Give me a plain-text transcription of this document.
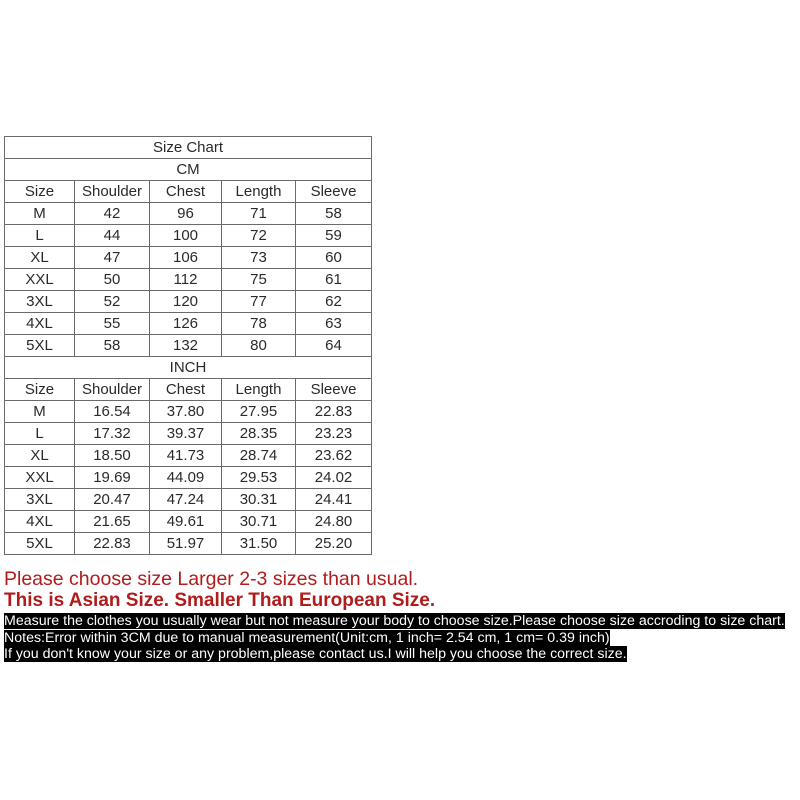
Size Chart				
CM				
Size	Shoulder	Chest	Length	Sleeve
M	42	96	71	58
L	44	100	72	59
XL	47	106	73	60
XXL	50	112	75	61
3XL	52	120	77	62
4XL	55	126	78	63
5XL	58	132	80	64
INCH				
Size	Shoulder	Chest	Length	Sleeve
M	16.54	37.80	27.95	22.83
L	17.32	39.37	28.35	23.23
XL	18.50	41.73	28.74	23.62
XXL	19.69	44.09	29.53	24.02
3XL	20.47	47.24	30.31	24.41
4XL	21.65	49.61	30.71	24.80
5XL	22.83	51.97	31.50	25.20
Please choose size Larger 2-3 sizes than usual.
This is Asian Size. Smaller Than European Size.
Measure the clothes you usually wear but not measure your body to choose size.Please choose size accroding to size chart.
Notes:Error within 3CM due to manual measurement(Unit:cm, 1 inch= 2.54 cm, 1 cm= 0.39 inch)
If you don't know your size or any problem,please contact us.I will help you choose the correct size.
